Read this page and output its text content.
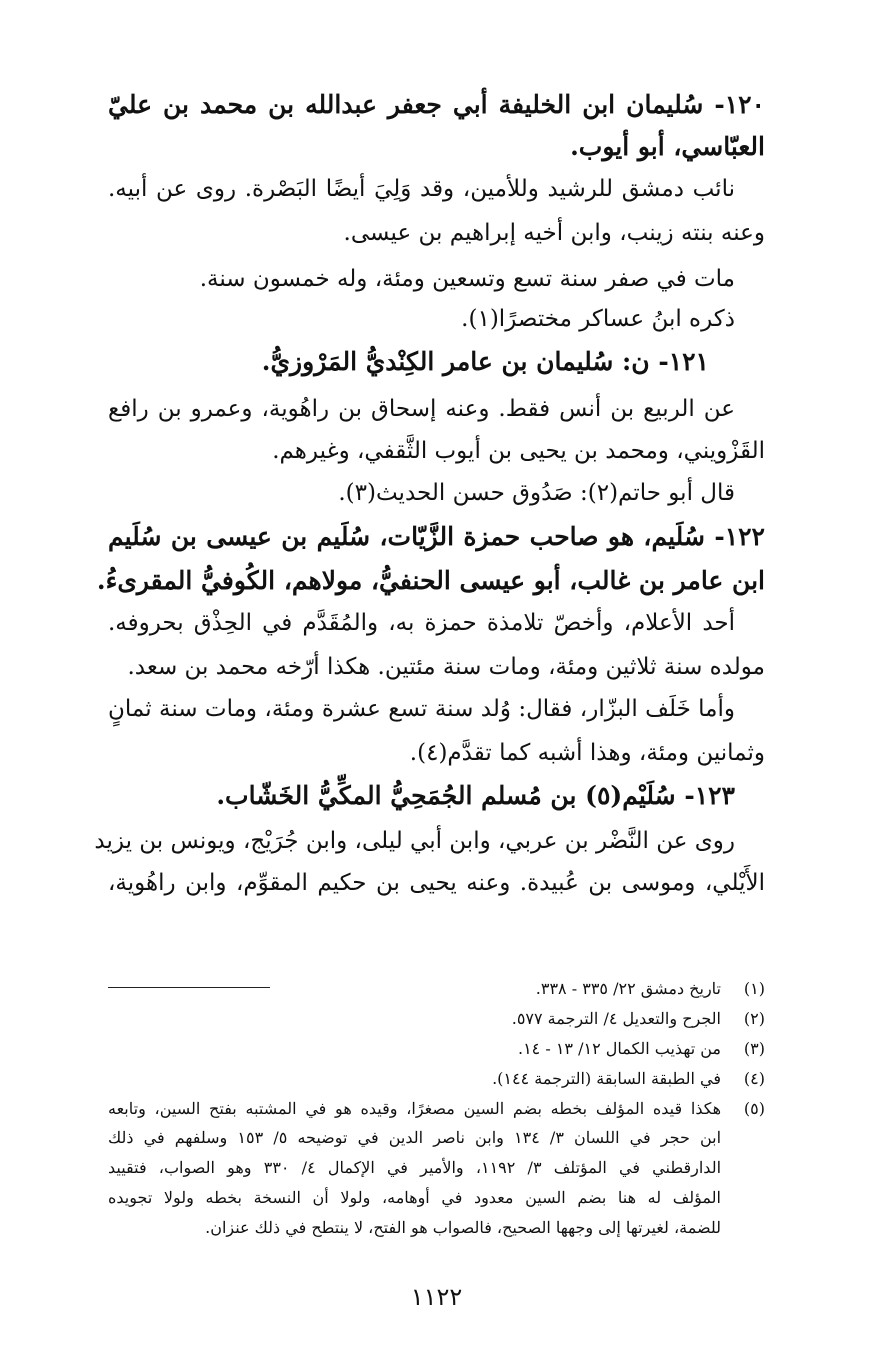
١٢٠- سُليمان ابن الخليفة أبي جعفر عبدالله بن محمد بن عليّ
العبّاسي، أبو أيوب.
نائب دمشق للرشيد وللأمين، وقد وَلِيَ أيضًا البَصْرة. روى عن أبيه.
وعنه بنته زينب، وابن أخيه إبراهيم بن عيسى.
مات في صفر سنة تسع وتسعين ومئة، وله خمسون سنة.
ذكره ابنُ عساكر مختصرًا(١).
١٢١- ن: سُليمان بن عامر الكِنْديُّ المَرْوزيُّ.
عن الربيع بن أنس فقط. وعنه إسحاق بن راهُوية، وعمرو بن رافع
القَزْويني، ومحمد بن يحيى بن أيوب الثَّقفي، وغيرهم.
قال أبو حاتم(٢): صَدُوق حسن الحديث(٣).
١٢٢- سُلَيم، هو صاحب حمزة الزَّيّات، سُلَيم بن عيسى بن سُلَيم
ابن عامر بن غالب، أبو عيسى الحنفيُّ، مولاهم، الكُوفيُّ المقرىءُ.
أحد الأعلام، وأخصّ تلامذة حمزة به، والمُقَدَّم في الحِذْق بحروفه.
مولده سنة ثلاثين ومئة، ومات سنة مئتين. هكذا أرّخه محمد بن سعد.
وأما خَلَف البزّار، فقال: وُلد سنة تسع عشرة ومئة، ومات سنة ثمانٍ
وثمانين ومئة، وهذا أشبه كما تقدَّم(٤).
١٢٣- سُلَيْم(٥) بن مُسلم الجُمَحِيُّ المكِّيُّ الخَشّاب.
روى عن النَّضْر بن عربي، وابن أبي ليلى، وابن جُرَيْج، ويونس بن يزيد
الأَيْلي، وموسى بن عُبيدة. وعنه يحيى بن حكيم المقوِّم، وابن راهُوية،
(١)
تاريخ دمشق ٢٢/ ٣٣٥ - ٣٣٨.
(٢)
الجرح والتعديل ٤/ الترجمة ٥٧٧.
(٣)
من تهذيب الكمال ١٢/ ١٣ - ١٤.
(٤)
في الطبقة السابقة (الترجمة ١٤٤).
(٥)
هكذا قيده المؤلف بخطه بضم السين مصغرًا، وقيده هو في المشتبه بفتح السين، وتابعه
ابن حجر في اللسان ٣/ ١٣٤ وابن ناصر الدين في توضيحه ٥/ ١٥٣ وسلفهم في ذلك
الدارقطني في المؤتلف ٣/ ١١٩٢، والأمير في الإكمال ٤/ ٣٣٠ وهو الصواب، فتقييد
المؤلف له هنا بضم السين معدود في أوهامه، ولولا أن النسخة بخطه ولولا تجويده
للضمة، لغيرتها إلى وجهها الصحيح، فالصواب هو الفتح، لا ينتطح في ذلك عنزان.
١١٢٢
